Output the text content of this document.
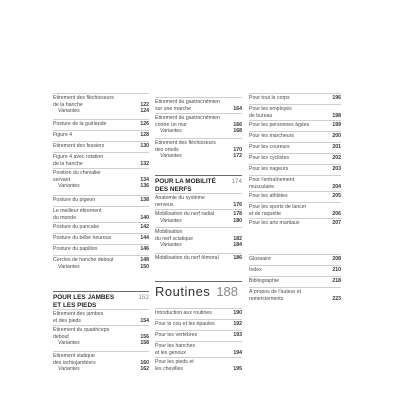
Étirement des fléchisseurs
de la hanche	122
Variantes	124
Posture de la guirlande	126
Figure 4	128
Étirement des fessiers	130
Figure 4 avec rotation
de la hanche	132
Position du chevalier
servant	134
Variantes	136
Posture du pigeon	138
Le meilleur étirement
du monde	140
Posture du pancake	142
Posture du bébé heureux	144
Posture du papillon	146
Cercles de hanche debout	148
Variantes	150
POUR LES JAMBES
ET LES PIEDS
152
Étirement des jambes
et des pieds	154
Étirement du quadriceps
debout	156
Variantes	158
Étirement statique
des ischiojambiers	160
Variantes	162
Étirement du gastrocnémien
sur une marche	164
Étirement du gastrocnémien
contre un mur	166
Variantes	168
Étirement des fléchisseurs
des orteils	170
Variantes	172
POUR LA MOBILITÉ
DES NERFS
174
Anatomie du système
nerveux	176
Mobilisation du nerf radial	178
Variantes	180
Mobilisation
du nerf sciatique	182
Variantes	184
Mobilisation du nerf fémoral	186
Routines 188
Introduction aux routines	190
Pour le cou et les épaules	192
Pour les vertèbres	193
Pour les hanches
et les genoux	194
Pour les pieds et
les chevilles	195
Pour tout le corps	196
Pour les employés
de bureau	198
Pour les personnes âgées	199
Pour les marcheurs	200
Pour les coureurs	201
Pour les cyclistes	202
Pour les nageurs	203
Pour l'entraînement
musculaire	204
Pour les athlètes	205
Pour les sports de lancer
et de raquette	206
Pour les arts martiaux	207
Glossaire	208
Index	210
Bibliographie	218
À propos de l'auteur et
remerciements	223
